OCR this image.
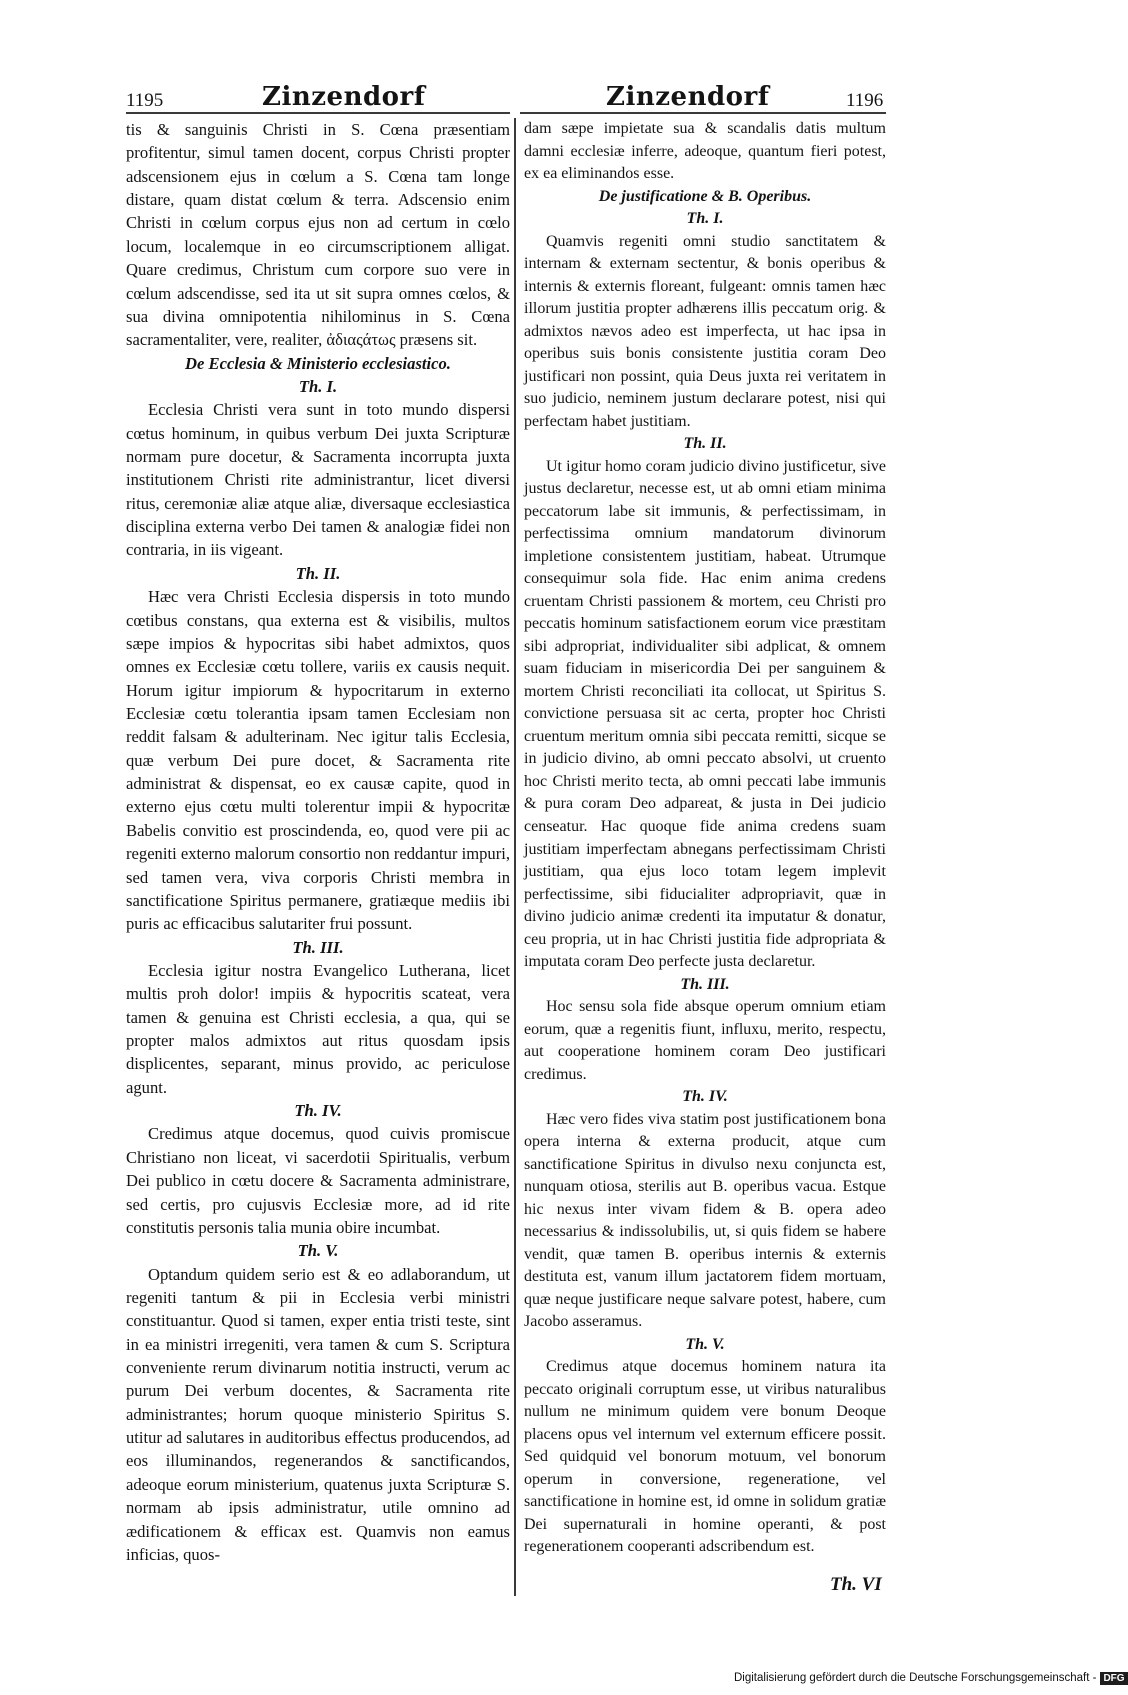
1195	Zinzendorf	Zinzendorf	1196

tis & sanguinis Christi in S. Cœna præsentiam profitentur, simul tamen docent, corpus Christi propter adscensionem ejus in cœlum a S. Cœna tam longe distare, quam distat cœlum & terra. Adscensio enim Christi in cœlum corpus ejus non ad certum in cœlo locum, localemque in eo circumscriptionem alligat. Quare credimus, Christum cum corpore suo vere in cœlum adscendisse, sed ita ut sit supra omnes cœlos, & sua divina omnipotentia nihilominus in S. Cœna sacramentaliter, vere, realiter, ἀδιαςάτως præsens sit.

De Ecclesia & Ministerio ecclesiastico.

Th. I.

Ecclesia Christi vera sunt in toto mundo dispersi cœtus hominum, in quibus verbum Dei juxta Scripturæ normam pure docetur, & Sacramenta incorrupta juxta institutionem Christi rite administrantur, licet diversi ritus, ceremoniæ aliæ atque aliæ, diversaque ecclesiastica disciplina externa verbo Dei tamen & analogiæ fidei non contraria, in iis vigeant.

Th. II.

Hæc vera Christi Ecclesia dispersis in toto mundo cœtibus constans, qua externa est & visibilis, multos sæpe impios & hypocritas sibi habet admixtos, quos omnes ex Ecclesiæ cœtu tollere, variis ex causis nequit. Horum igitur impiorum & hypocritarum in externo Ecclesiæ cœtu tolerantia ipsam tamen Ecclesiam non reddit falsam & adulterinam. Nec igitur talis Ecclesia, quæ verbum Dei pure docet, & Sacramenta rite administrat & dispensat, eo ex causæ capite, quod in externo ejus cœtu multi tolerentur impii & hypocritæ Babelis convitio est proscindenda, eo, quod vere pii ac regeniti externo malorum consortio non reddantur impuri, sed tamen vera, viva corporis Christi membra in sanctificatione Spiritus permanere, gratiæque mediis ibi puris ac efficacibus salutariter frui possunt.

Th. III.

Ecclesia igitur nostra Evangelico Lutherana, licet multis proh dolor! impiis & hypocritis scateat, vera tamen & genuina est Christi ecclesia, a qua, qui se propter malos admixtos aut ritus quosdam ipsis displicentes, separant, minus provido, ac periculose agunt.

Th. IV.

Credimus atque docemus, quod cuivis promiscue Christiano non liceat, vi sacerdotii Spiritualis, verbum Dei publico in cœtu docere & Sacramenta administrare, sed certis, pro cujusvis Ecclesiæ more, ad id rite constitutis personis talia munia obire incumbat.

Th. V.

Optandum quidem serio est & eo adlaborandum, ut regeniti tantum & pii in Ecclesia verbi ministri constituantur. Quod si tamen, exper entia tristi teste, sint in ea ministri irregeniti, vera tamen & cum S. Scriptura conveniente rerum divinarum notitia instructi, verum ac purum Dei verbum docentes, & Sacramenta rite administrantes; horum quoque ministerio Spiritus S. utitur ad salutares in auditoribus effectus producendos, ad eos illuminandos, regenerandos & sanctificandos, adeoque eorum ministerium, quatenus juxta Scripturæ S. normam ab ipsis administratur, utile omnino ad ædificationem & efficax est. Quamvis non eamus inficias, quos-

dam sæpe impietate sua & scandalis datis multum damni ecclesiæ inferre, adeoque, quantum fieri potest, ex ea eliminandos esse.

De justificatione & B. Operibus.

Th. I.

Quamvis regeniti omni studio sanctitatem & internam & externam sectentur, & bonis operibus & internis & externis floreant, fulgeant: omnis tamen hæc illorum justitia propter adhærens illis peccatum orig. & admixtos nævos adeo est imperfecta, ut hac ipsa in operibus suis bonis consistente justitia coram Deo justificari non possint, quia Deus juxta rei veritatem in suo judicio, neminem justum declarare potest, nisi qui perfectam habet justitiam.

Th. II.

Ut igitur homo coram judicio divino justificetur, sive justus declaretur, necesse est, ut ab omni etiam minima peccatorum labe sit immunis, & perfectissimam, in perfectissima omnium mandatorum divinorum impletione consistentem justitiam, habeat. Utrumque consequimur sola fide. Hac enim anima credens cruentam Christi passionem & mortem, ceu Christi pro peccatis hominum satisfactionem eorum vice præstitam sibi adpropriat, individualiter sibi adplicat, & omnem suam fiduciam in misericordia Dei per sanguinem & mortem Christi reconciliati ita collocat, ut Spiritus S. convictione persuasa sit ac certa, propter hoc Christi cruentum meritum omnia sibi peccata remitti, sicque se in judicio divino, ab omni peccato absolvi, ut cruento hoc Christi merito tecta, ab omni peccati labe immunis & pura coram Deo adpareat, & justa in Dei judicio censeatur. Hac quoque fide anima credens suam justitiam imperfectam abnegans perfectissimam Christi justitiam, qua ejus loco totam legem implevit perfectissime, sibi fiducialiter adpropriavit, quæ in divino judicio animæ credenti ita imputatur & donatur, ceu propria, ut in hac Christi justitia fide adpropriata & imputata coram Deo perfecte justa declaretur.

Th. III.

Hoc sensu sola fide absque operum omnium etiam eorum, quæ a regenitis fiunt, influxu, merito, respectu, aut cooperatione hominem coram Deo justificari credimus.

Th. IV.

Hæc vero fides viva statim post justificationem bona opera interna & externa producit, atque cum sanctificatione Spiritus in divulso nexu conjuncta est, nunquam otiosa, sterilis aut B. operibus vacua. Estque hic nexus inter vivam fidem & B. opera adeo necessarius & indissolubilis, ut, si quis fidem se habere vendit, quæ tamen B. operibus internis & externis destituta est, vanum illum jactatorem fidem mortuam, quæ neque justificare neque salvare potest, habere, cum Jacobo asseramus.

Th. V.

Credimus atque docemus hominem natura ita peccato originali corruptum esse, ut viribus naturalibus nullum ne minimum quidem vere bonum Deoque placens opus vel internum vel externum efficere possit. Sed quidquid vel bonorum motuum, vel bonorum operum in conversione, regeneratione, vel sanctificatione in homine est, id omne in solidum gratiæ Dei supernaturali in homine operanti, & post regenerationem cooperanti adscribendum est.

Th. VI
Digitalisierung gefördert durch die Deutsche Forschungsgemeinschaft - DFG
